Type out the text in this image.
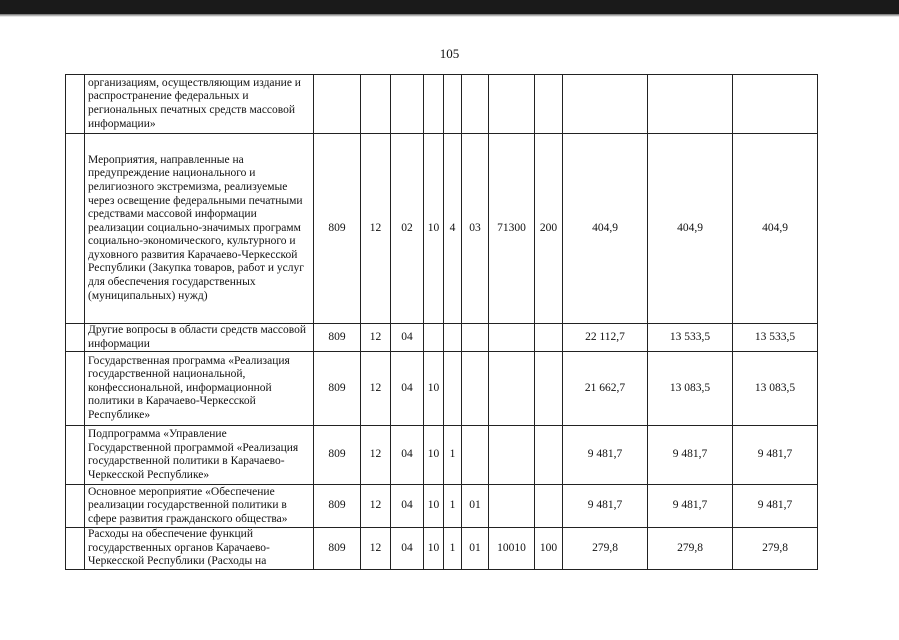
105
	организациям, осуществляющим издание и распространение федеральных и региональных печатных средств массовой информации»											
	Мероприятия, направленные на предупреждение национального и религиозного экстремизма, реализуемые через освещение федеральными печатными средствами массовой информации реализации социально-значимых программ социально-экономического, культурного и духовного развития Карачаево-Черкесской Республики (Закупка товаров, работ и услуг для обеспечения государственных (муниципальных) нужд)	809	12	02	10	4	03	71300	200	404,9	404,9	404,9
	Другие вопросы в области средств массовой информации	809	12	04						22 112,7	13 533,5	13 533,5
	Государственная программа «Реализация государственной национальной, конфессиональной, информационной политики в Карачаево-Черкесской Республике»	809	12	04	10					21 662,7	13 083,5	13 083,5
	Подпрограмма «Управление Государственной программой «Реализация государственной политики в Карачаево-Черкесской Республике»	809	12	04	10	1				9 481,7	9 481,7	9 481,7
	Основное мероприятие «Обеспечение реализации государственной политики в сфере развития гражданского общества»	809	12	04	10	1	01			9 481,7	9 481,7	9 481,7
	Расходы на обеспечение функций государственных органов Карачаево-Черкесской Республики (Расходы на	809	12	04	10	1	01	10010	100	279,8	279,8	279,8
